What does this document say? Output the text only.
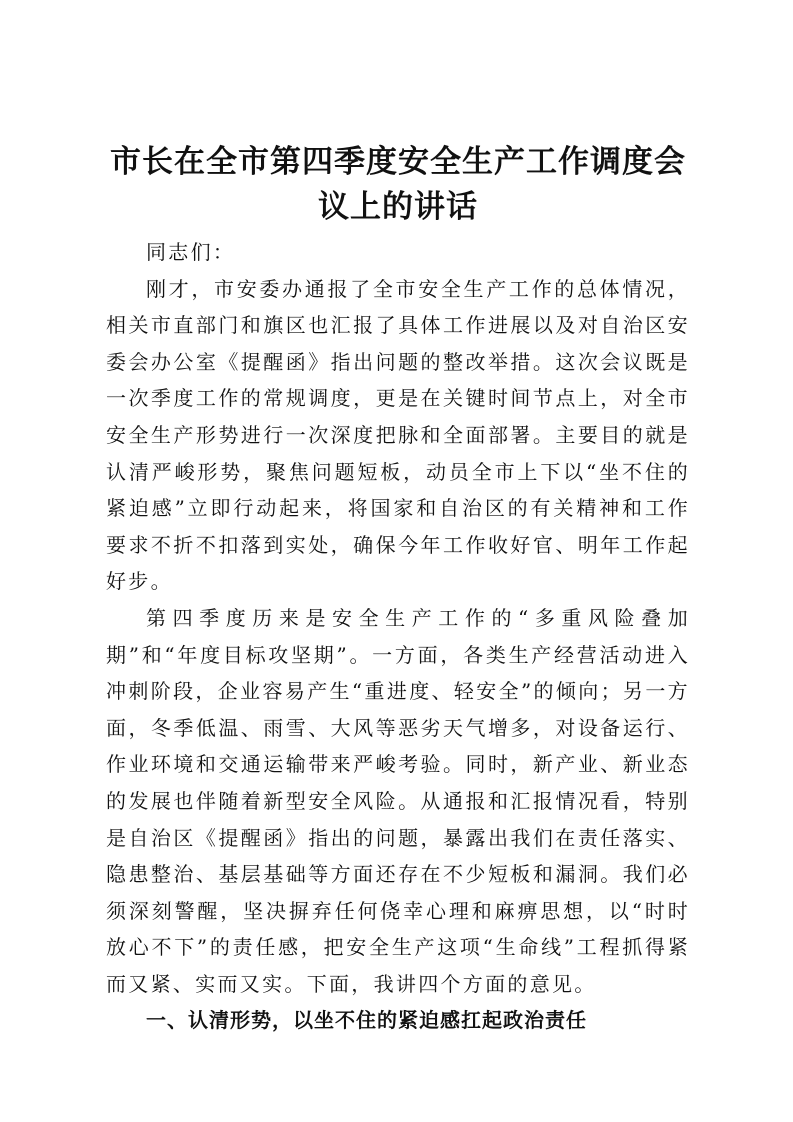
市长在全市第四季度安全生产工作调度会议上的讲话

同志们：

刚才，市安委办通报了全市安全生产工作的总体情况，相关市直部门和旗区也汇报了具体工作进展以及对自治区安委会办公室《提醒函》指出问题的整改举措。这次会议既是一次季度工作的常规调度，更是在关键时间节点上，对全市安全生产形势进行一次深度把脉和全面部署。主要目的就是认清严峻形势，聚焦问题短板，动员全市上下以“坐不住的紧迫感”立即行动起来，将国家和自治区的有关精神和工作要求不折不扣落到实处，确保今年工作收好官、明年工作起好步。

第四季度历来是安全生产工作的“多重风险叠加期”和“年度目标攻坚期”。一方面，各类生产经营活动进入冲刺阶段，企业容易产生“重进度、轻安全”的倾向；另一方面，冬季低温、雨雪、大风等恶劣天气增多，对设备运行、作业环境和交通运输带来严峻考验。同时，新产业、新业态的发展也伴随着新型安全风险。从通报和汇报情况看，特别是自治区《提醒函》指出的问题，暴露出我们在责任落实、隐患整治、基层基础等方面还存在不少短板和漏洞。我们必须深刻警醒，坚决摒弃任何侥幸心理和麻痹思想，以“时时放心不下”的责任感，把安全生产这项“生命线”工程抓得紧而又紧、实而又实。下面，我讲四个方面的意见。

一、认清形势，以坐不住的紧迫感扛起政治责任
